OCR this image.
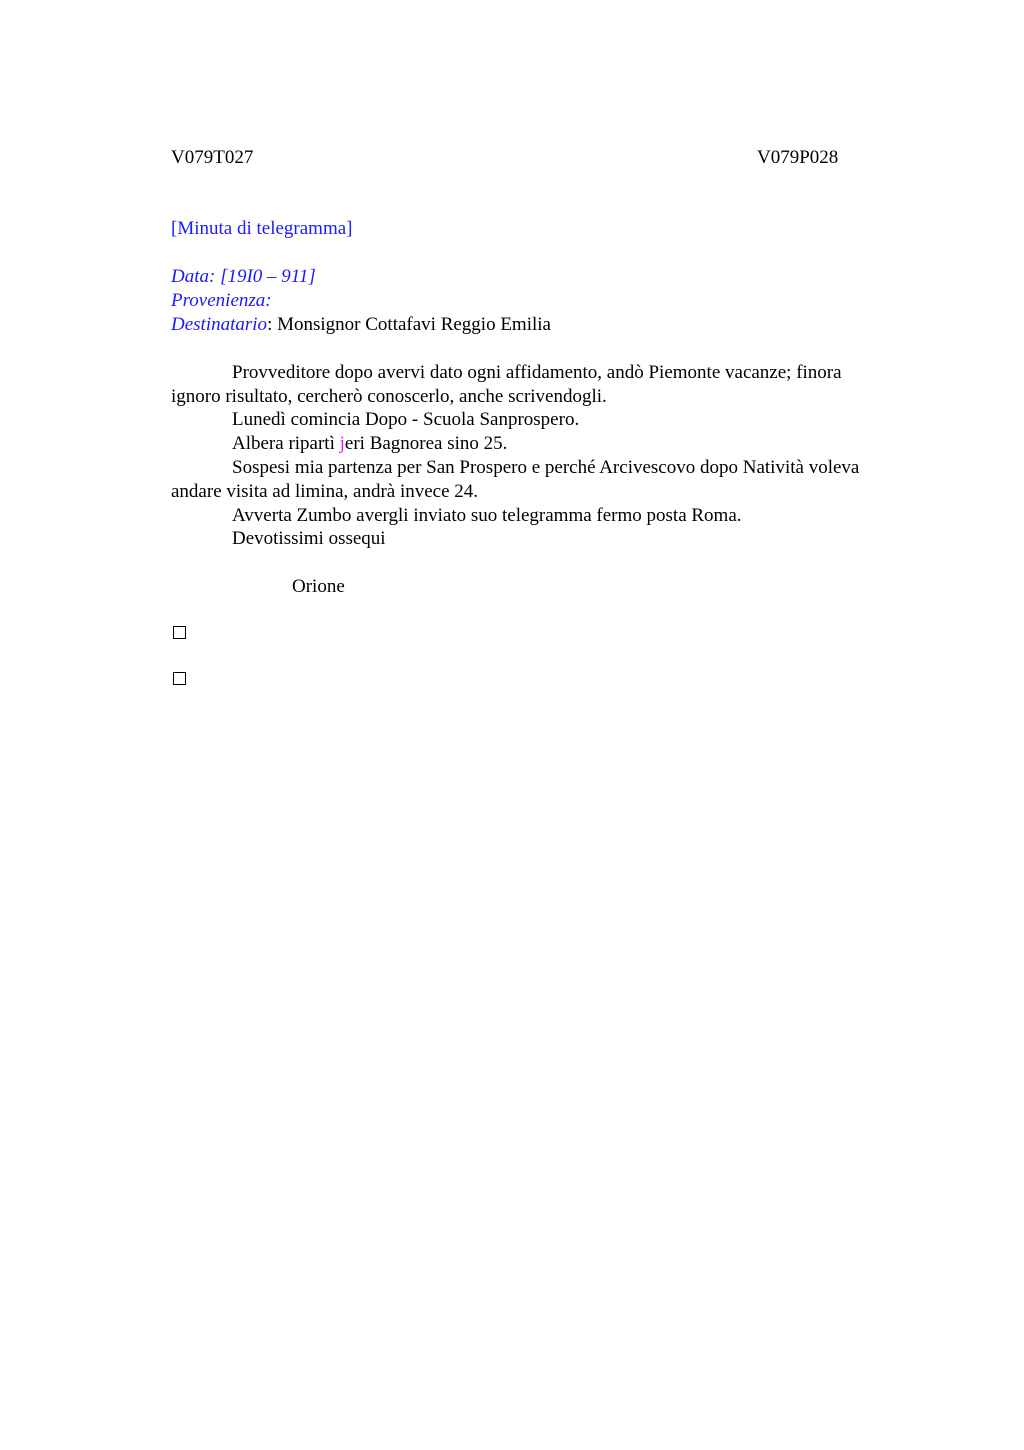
V079T027	V079P028
[Minuta di telegramma]
Data: [19I0 – 911]
Provenienza:
Destinatario: Monsignor Cottafavi Reggio Emilia
Provveditore dopo avervi dato ogni affidamento, andò Piemonte vacanze; finora
ignoro risultato, cercherò conoscerlo, anche scrivendogli.
Lunedì comincia Dopo - Scuola Sanprospero.
Albera ripartì jeri Bagnorea sino 25.
Sospesi mia partenza per San Prospero e perché Arcivescovo dopo Natività voleva
andare visita ad limina, andrà invece 24.
Avverta Zumbo avergli inviato suo telegramma fermo posta Roma.
Devotissimi ossequi
Orione
